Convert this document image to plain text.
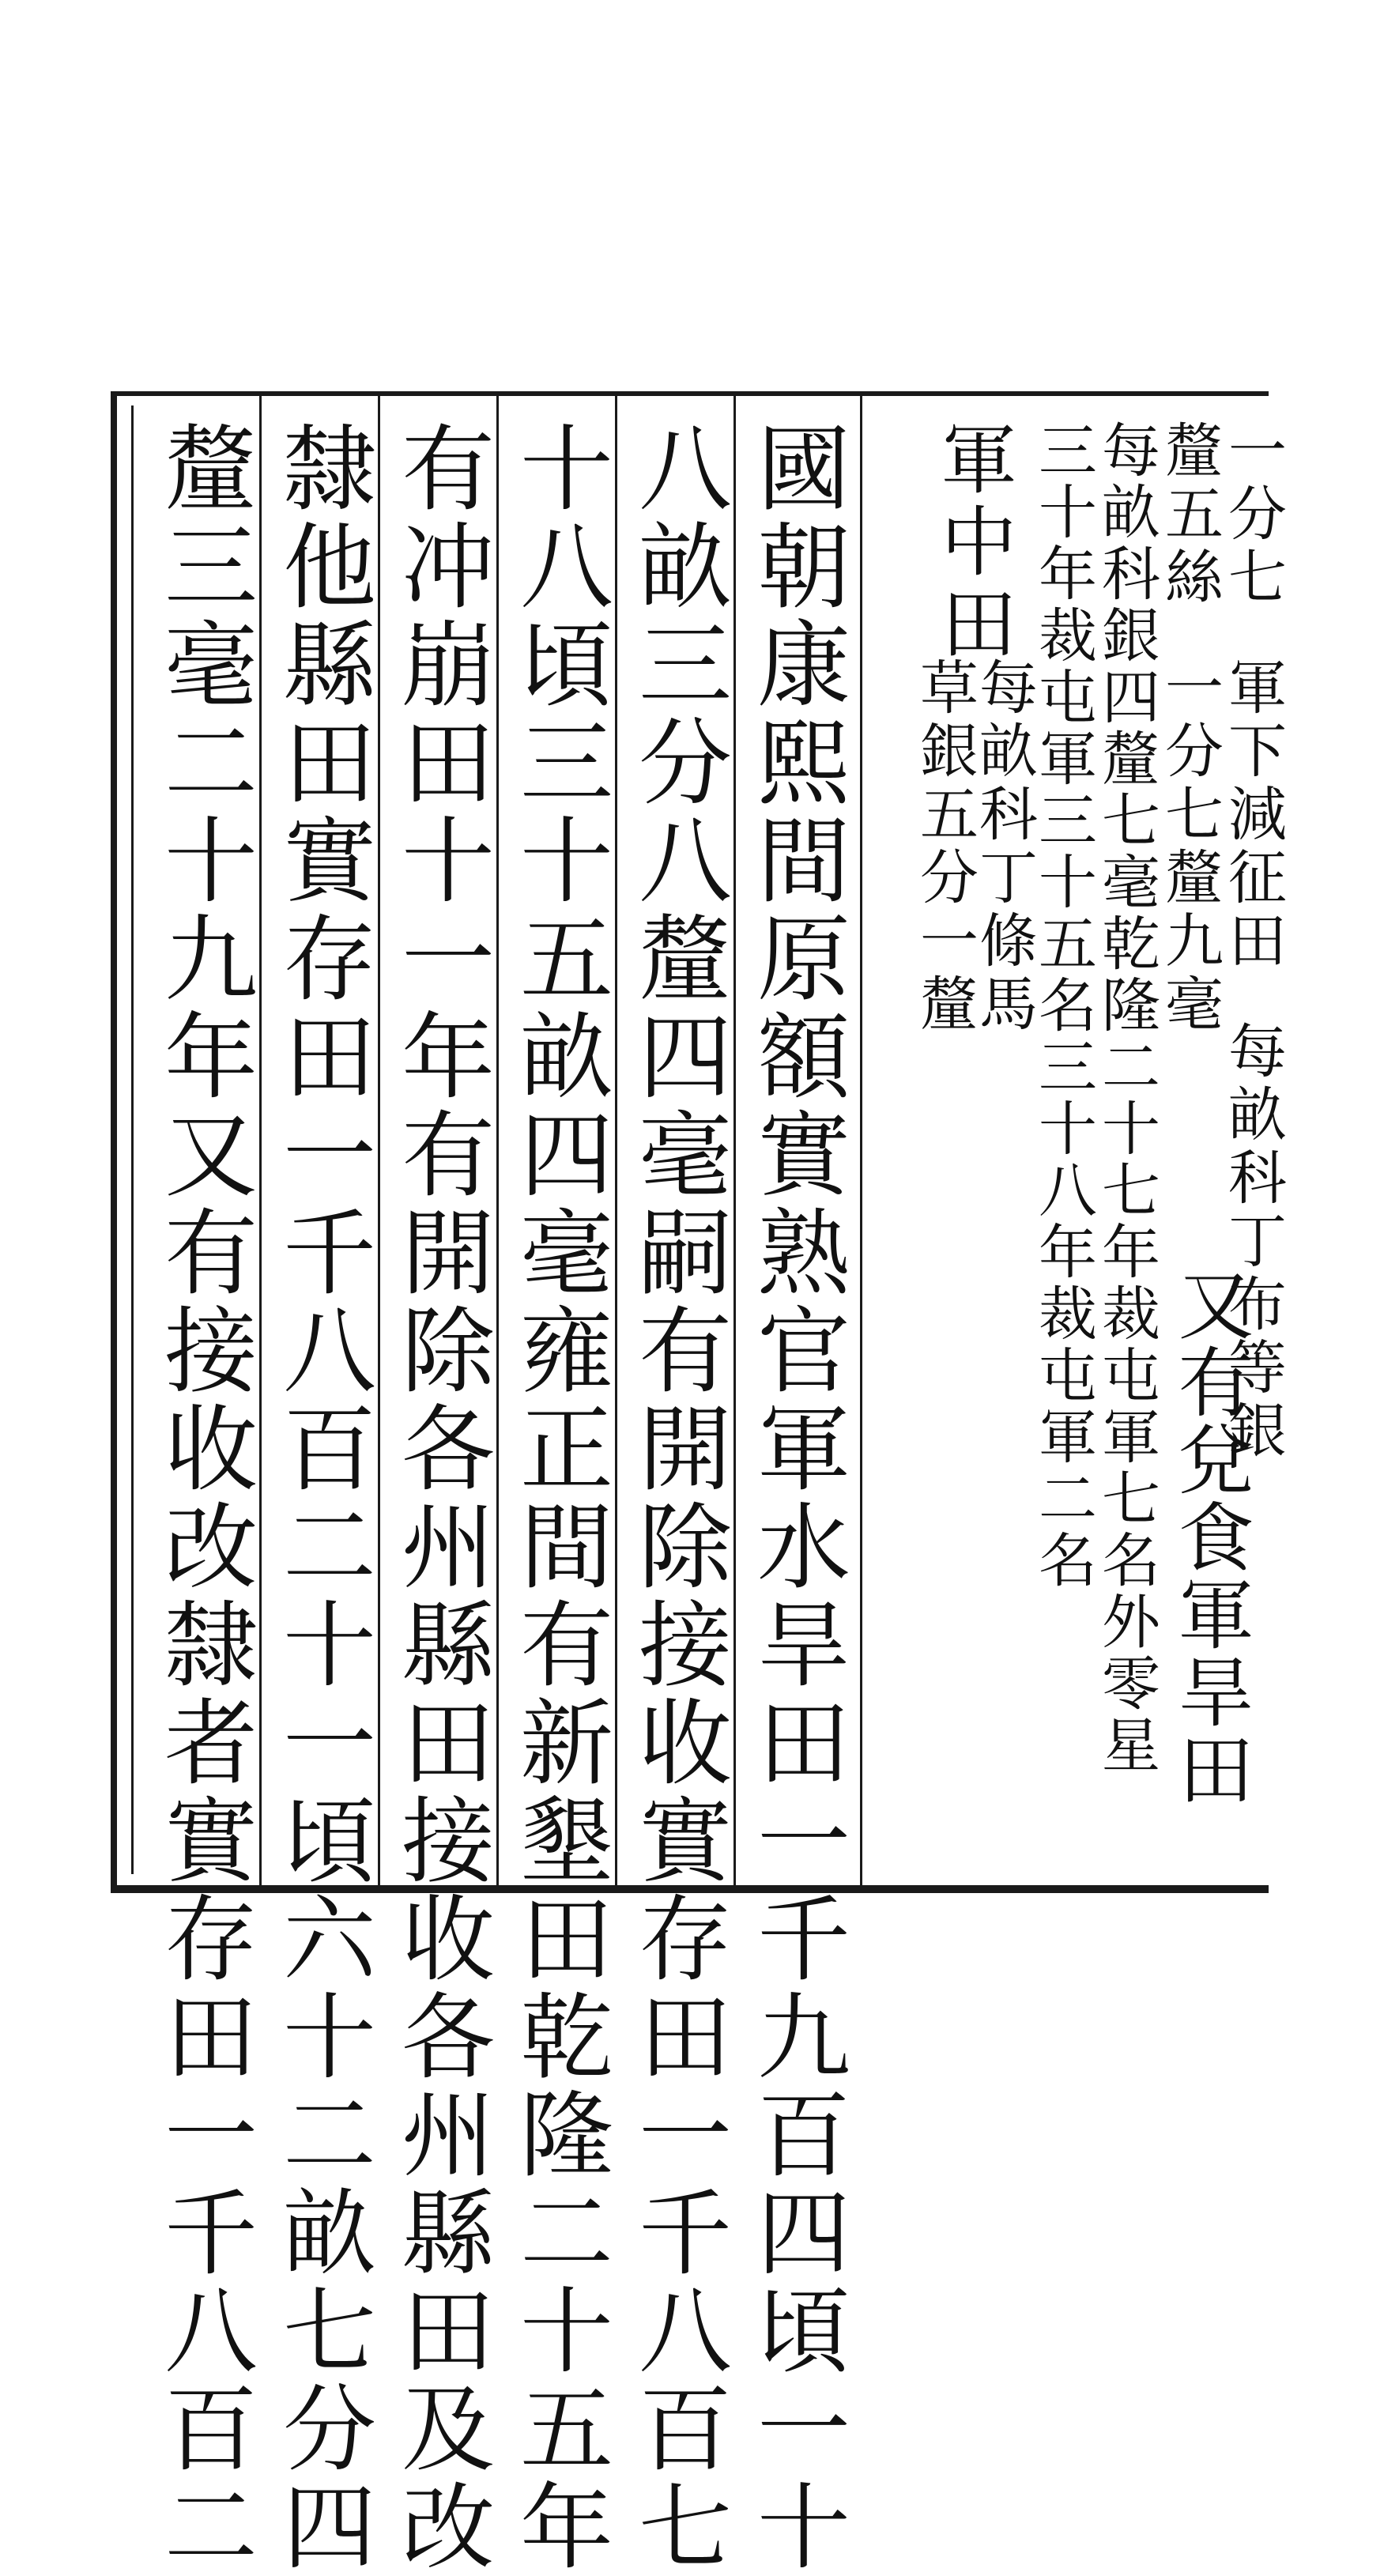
一分七
軍下減征田
每畝科丁布等銀
又有兌食軍旱田
釐五絲
一分七釐九毫
每畝科銀四釐七毫乾隆二十七年裁屯軍七名外零星
三十年裁屯軍三十五名三十八年裁屯軍二名
軍中田
每畝科丁條馬
草銀五分一釐
國朝康熙間原額實熟官軍水旱田一千九百四頃一十
八畝三分八釐四毫嗣有開除接收實存田一千八百七
十八頃三十五畝四毫雍正間有新墾田乾隆二十五年
有冲崩田十一年有開除各州縣田接收各州縣田及改
隸他縣田實存田一千八百二十一頃六十二畝七分四
釐三毫二十九年又有接收改隸者實存田一千八百二
